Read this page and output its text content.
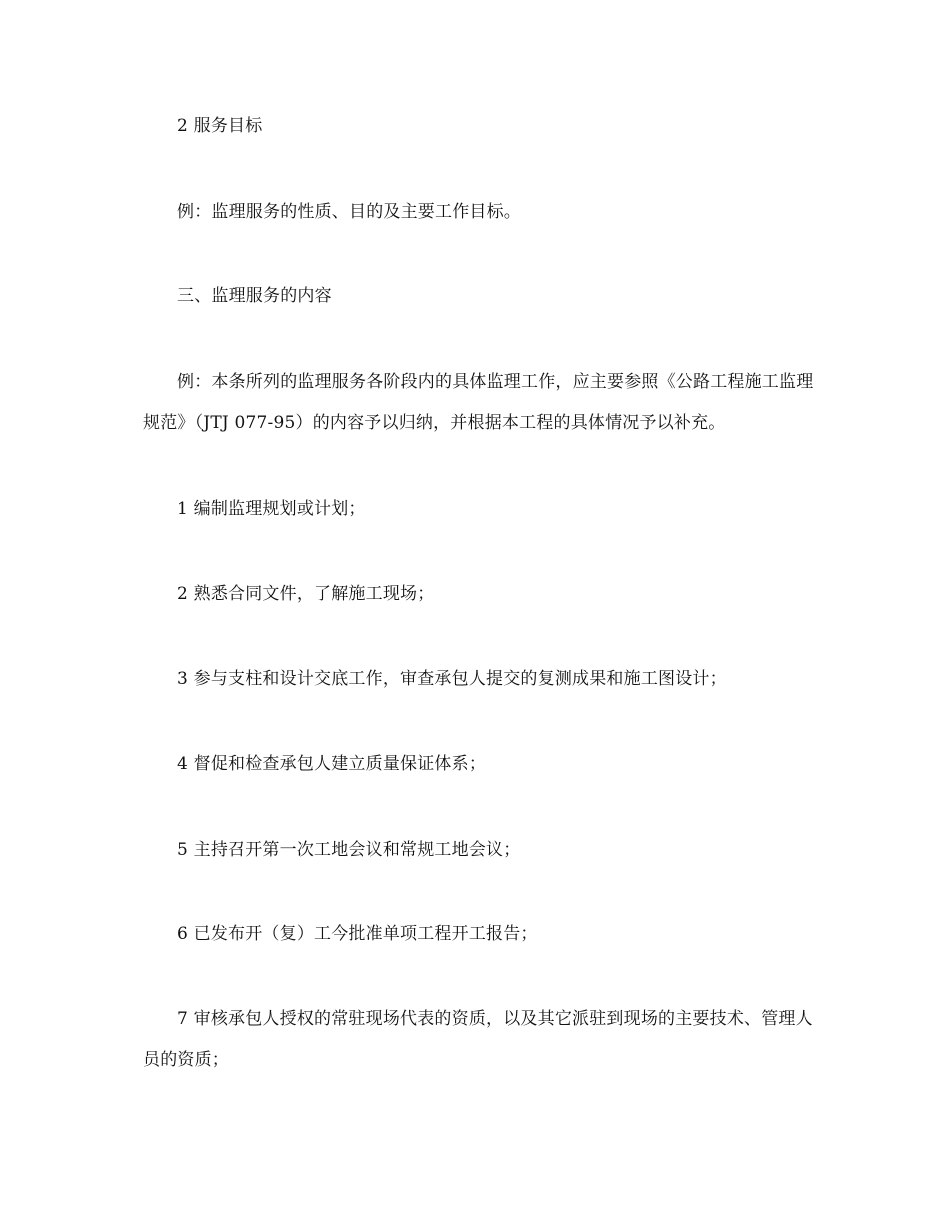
2 服务目标

例：监理服务的性质、目的及主要工作目标。

三、监理服务的内容

例：本条所列的监理服务各阶段内的具体监理工作，应主要参照《公路工程施工监理规范》（JTJ 077-95）的内容予以归纳，并根据本工程的具体情况予以补充。

1 编制监理规划或计划；

2 熟悉合同文件，了解施工现场；

3 参与支柱和设计交底工作，审查承包人提交的复测成果和施工图设计；

4 督促和检查承包人建立质量保证体系；

5 主持召开第一次工地会议和常规工地会议；

6 已发布开（复）工今批准单项工程开工报告；

7 审核承包人授权的常驻现场代表的资质，以及其它派驻到现场的主要技术、管理人员的资质；
